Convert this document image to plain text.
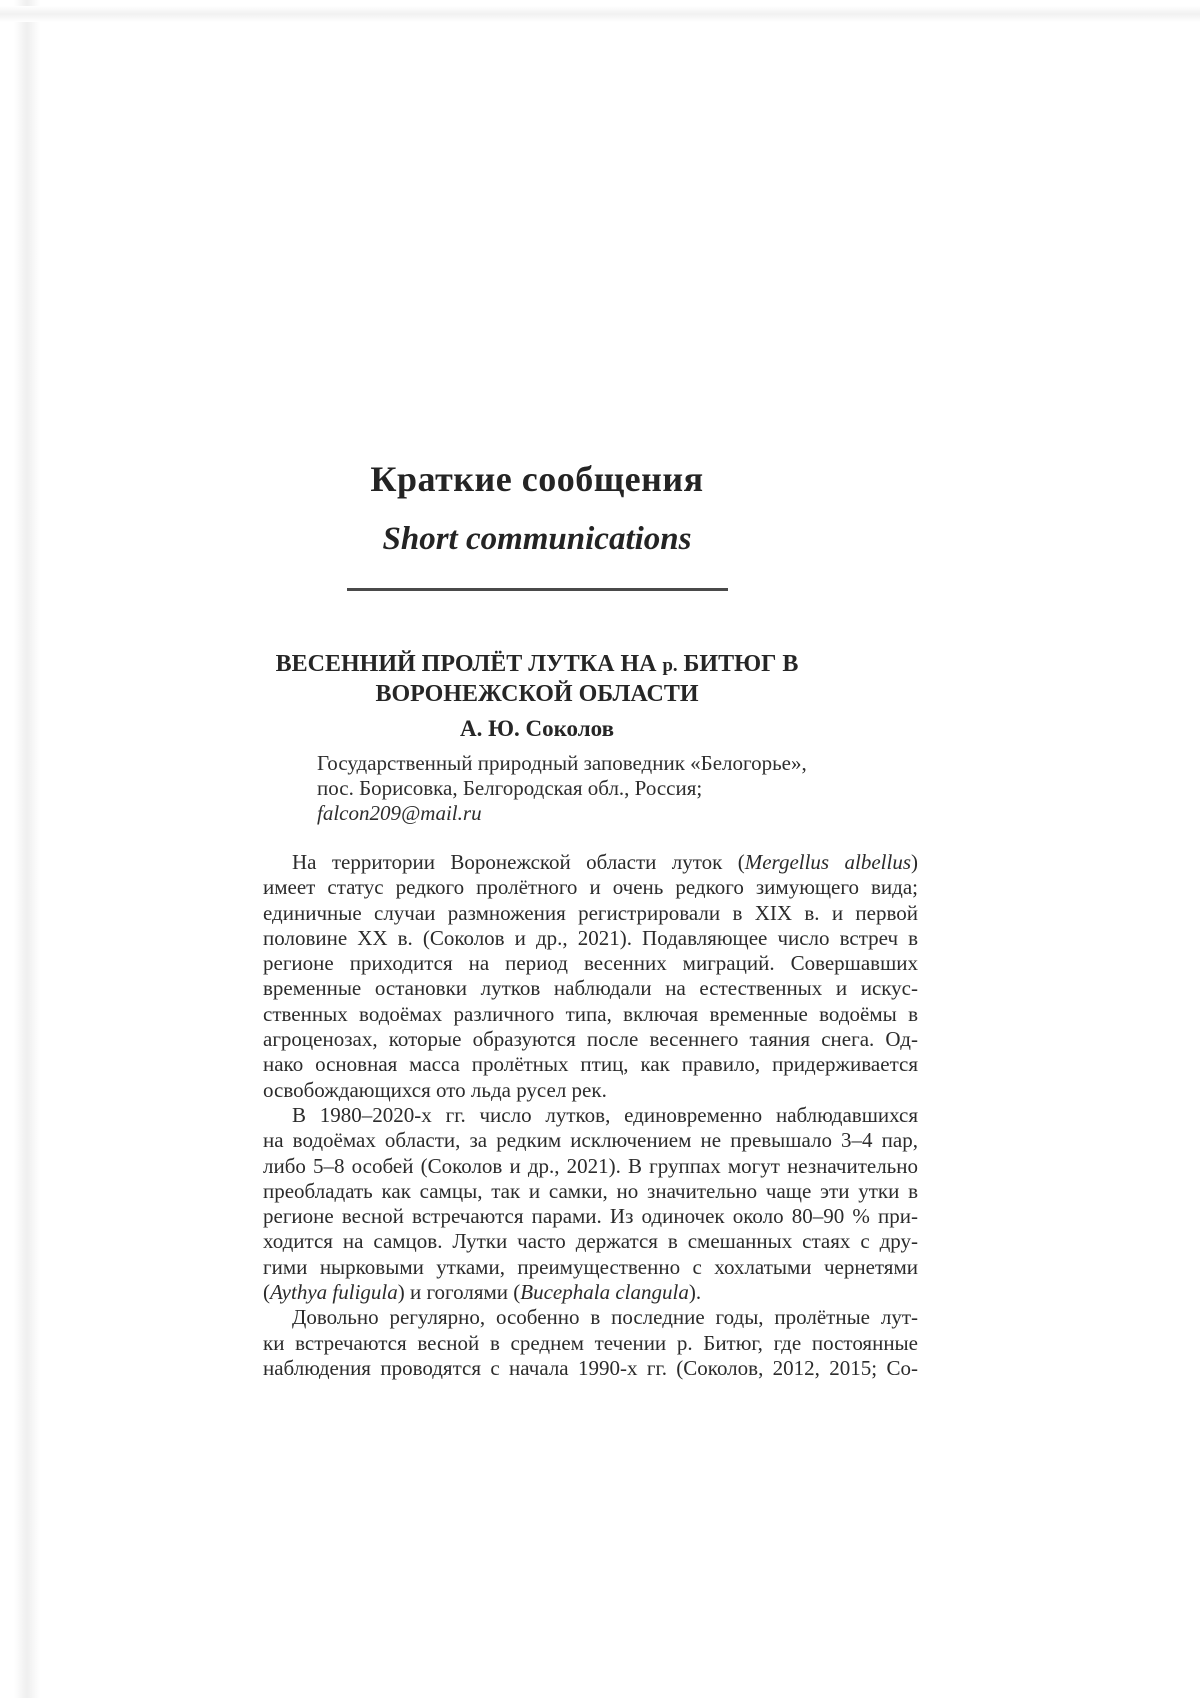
Краткие сообщения
Short communications
ВЕСЕННИЙ ПРОЛЁТ ЛУТКА НА р. БИТЮГ В
ВОРОНЕЖСКОЙ ОБЛАСТИ
А. Ю. Соколов
Государственный природный заповедник «Белогорье»,
пос. Борисовка, Белгородская обл., Россия; falcon209@mail.ru
На территории Воронежской области луток (Mergellus albellus)
имеет статус редкого пролётного и очень редкого зимующего вида;
единичные случаи размножения регистрировали в XIX в. и первой
половине XX в. (Соколов и др., 2021). Подавляющее число встреч в
регионе приходится на период весенних миграций. Совершавших
временные остановки лутков наблюдали на естественных и искус-
ственных водоёмах различного типа, включая временные водоёмы в
агроценозах, которые образуются после весеннего таяния снега. Од-
нако основная масса пролётных птиц, как правило, придерживается
освобождающихся ото льда русел рек.
В 1980–2020-х гг. число лутков, единовременно наблюдавшихся
на водоёмах области, за редким исключением не превышало 3–4 пар,
либо 5–8 особей (Соколов и др., 2021). В группах могут незначительно
преобладать как самцы, так и самки, но значительно чаще эти утки в
регионе весной встречаются парами. Из одиночек около 80–90 % при-
ходится на самцов. Лутки часто держатся в смешанных стаях с дру-
гими нырковыми утками, преимущественно с хохлатыми чернетями
(Aythya fuligula) и гоголями (Bucephala clangula).
Довольно регулярно, особенно в последние годы, пролётные лут-
ки встречаются весной в среднем течении р. Битюг, где постоянные
наблюдения проводятся с начала 1990-х гг. (Соколов, 2012, 2015; Со-
